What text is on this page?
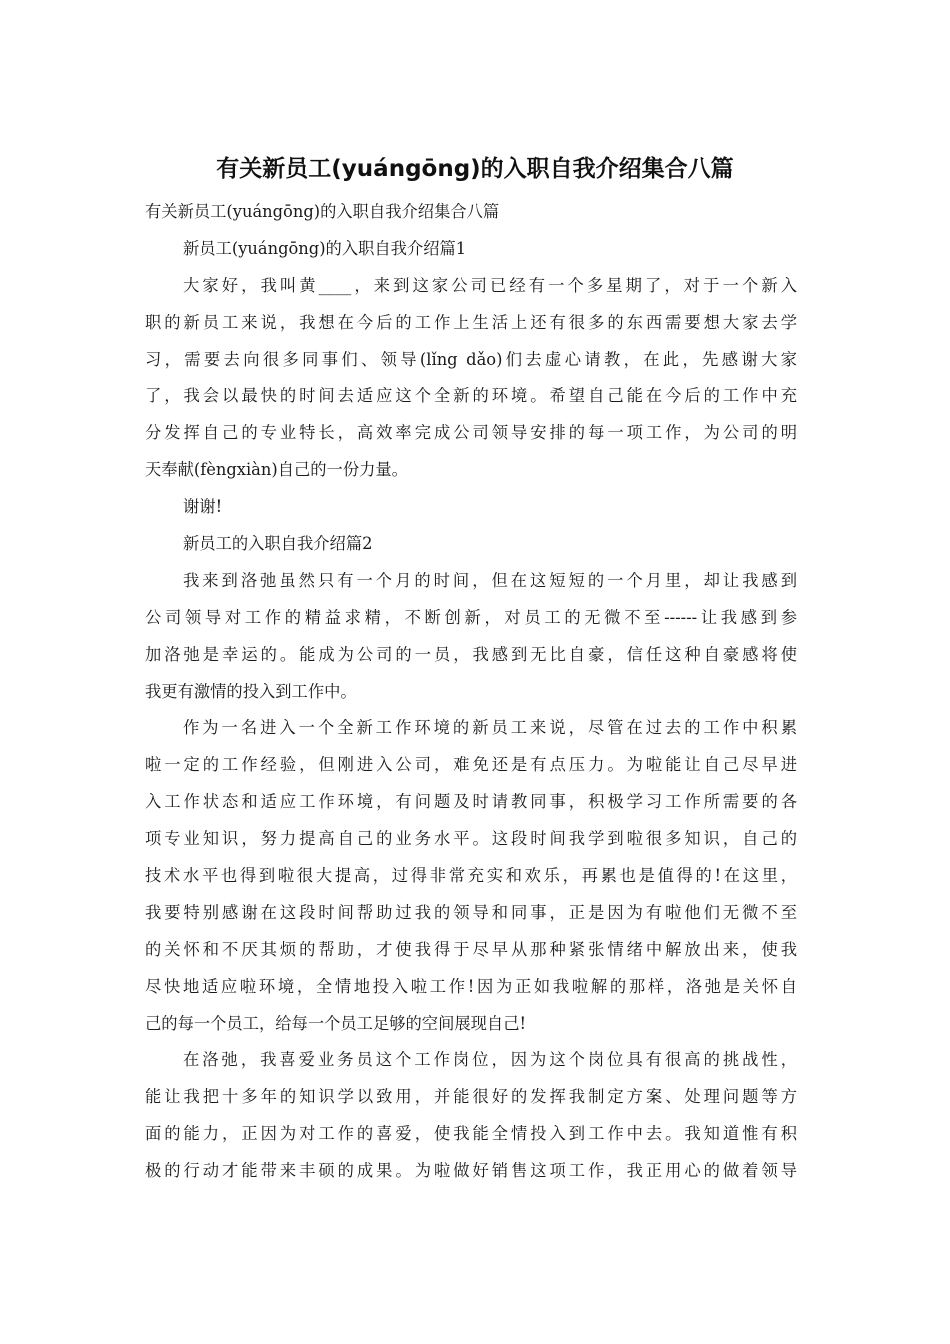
有关新员工(yuángōng)的入职自我介绍集合八篇
有关新员工(yuángōng)的入职自我介绍集合八篇
新员工(yuángōng)的入职自我介绍篇1
大家好，我叫黄____，来到这家公司已经有一个多星期了，对于一个新入
职的新员工来说，我想在今后的工作上生活上还有很多的东西需要想大家去学
习，需要去向很多同事们、领导(lǐng dǎo)们去虚心请教，在此，先感谢大家
了，我会以最快的时间去适应这个全新的环境。希望自己能在今后的工作中充
分发挥自己的专业特长，高效率完成公司领导安排的每一项工作，为公司的明
天奉献(fèngxiàn)自己的一份力量。
谢谢!
新员工的入职自我介绍篇2
我来到洛弛虽然只有一个月的时间，但在这短短的一个月里，却让我感到
公司领导对工作的精益求精，不断创新，对员工的无微不至------让我感到参
加洛弛是幸运的。能成为公司的一员，我感到无比自豪，信任这种自豪感将使
我更有激情的投入到工作中。
作为一名进入一个全新工作环境的新员工来说，尽管在过去的工作中积累
啦一定的工作经验，但刚进入公司，难免还是有点压力。为啦能让自己尽早进
入工作状态和适应工作环境，有问题及时请教同事，积极学习工作所需要的各
项专业知识，努力提高自己的业务水平。这段时间我学到啦很多知识，自己的
技术水平也得到啦很大提高，过得非常充实和欢乐，再累也是值得的!在这里，
我要特别感谢在这段时间帮助过我的领导和同事，正是因为有啦他们无微不至
的关怀和不厌其烦的帮助，才使我得于尽早从那种紧张情绪中解放出来，使我
尽快地适应啦环境，全情地投入啦工作!因为正如我啦解的那样，洛弛是关怀自
己的每一个员工，给每一个员工足够的空间展现自己!
在洛弛，我喜爱业务员这个工作岗位，因为这个岗位具有很高的挑战性，
能让我把十多年的知识学以致用，并能很好的发挥我制定方案、处理问题等方
面的能力，正因为对工作的喜爱，使我能全情投入到工作中去。我知道惟有积
极的行动才能带来丰硕的成果。为啦做好销售这项工作，我正用心的做着领导
